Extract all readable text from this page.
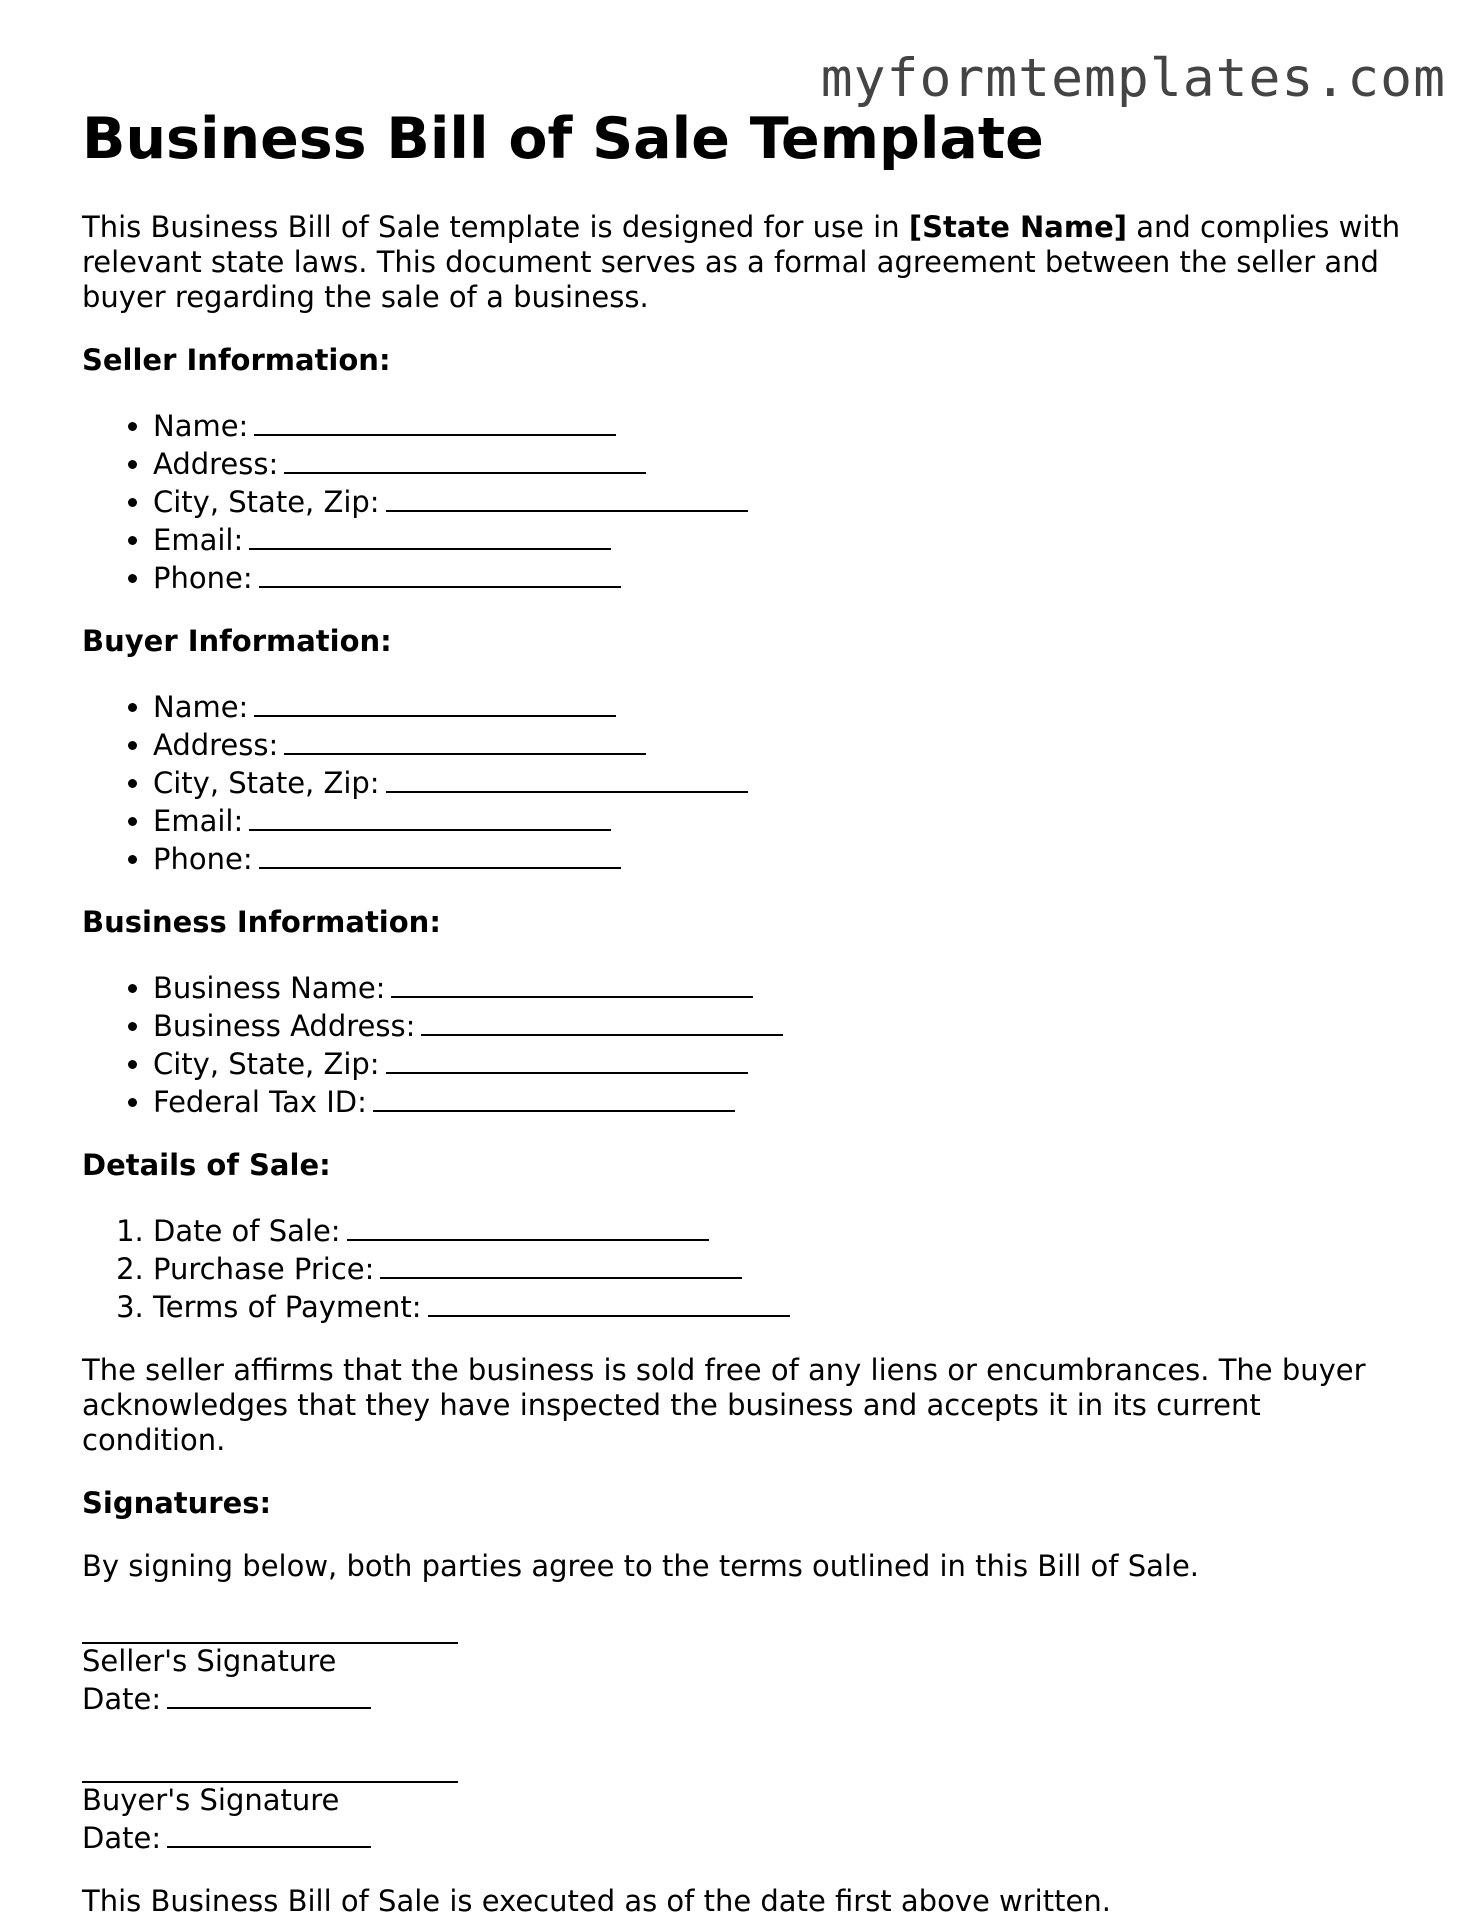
myformtemplates.com
Business Bill of Sale Template

This Business Bill of Sale template is designed for use in [State Name] and complies with relevant state laws. This document serves as a formal agreement between the seller and buyer regarding the sale of a business.

Seller Information:
• Name:
• Address:
• City, State, Zip:
• Email:
• Phone:
Buyer Information:
• Name:
• Address:
• City, State, Zip:
• Email:
• Phone:
Business Information:
• Business Name:
• Business Address:
• City, State, Zip:
• Federal Tax ID:
Details of Sale:
1. Date of Sale:
2. Purchase Price:
3. Terms of Payment:

The seller affirms that the business is sold free of any liens or encumbrances. The buyer acknowledges that they have inspected the business and accepts it in its current condition.

Signatures:

By signing below, both parties agree to the terms outlined in this Bill of Sale.

Seller's Signature
Date:
Buyer's Signature
Date:

This Business Bill of Sale is executed as of the date first above written.
